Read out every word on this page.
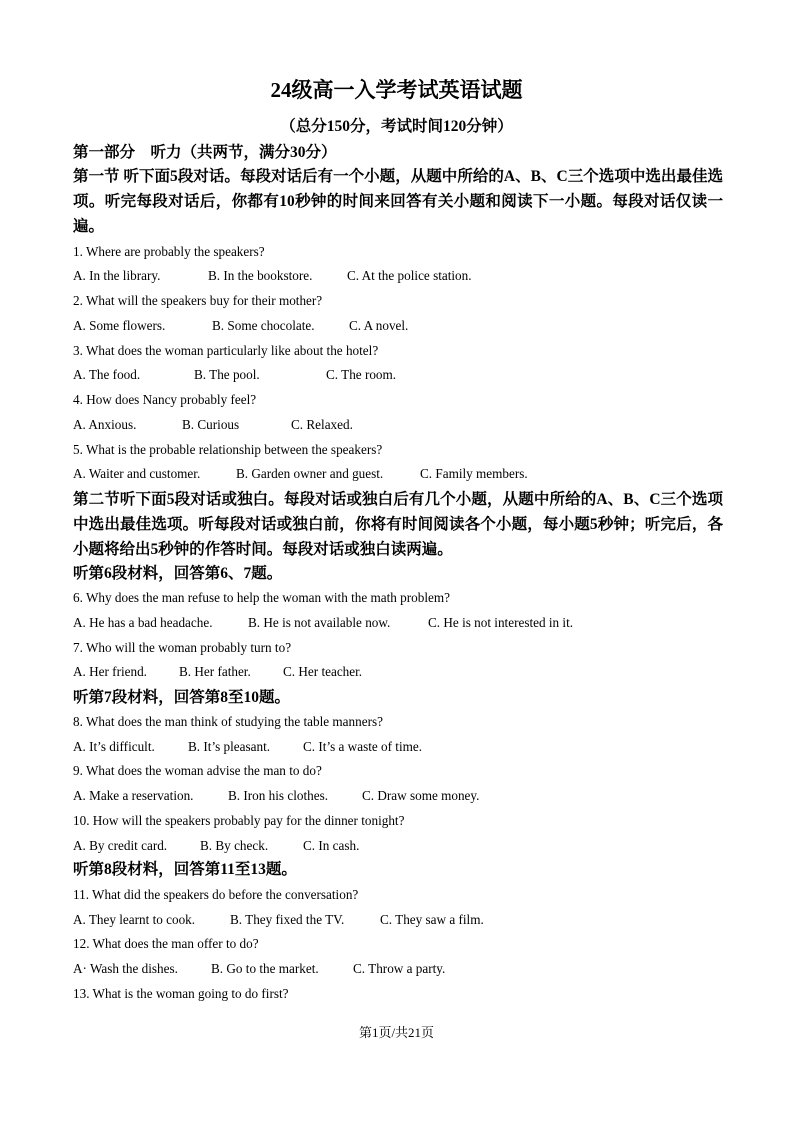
24级高一入学考试英语试题
（总分150分，考试时间120分钟）
第一部分　听力（共两节，满分30分）
第一节 听下面5段对话。每段对话后有一个小题，从题中所给的A、B、C三个选项中选出最佳选项。听完每段对话后，你都有10秒钟的时间来回答有关小题和阅读下一小题。每段对话仅读一遍。
1. Where are probably the speakers?
A. In the library.	B. In the bookstore.	C. At the police station.
2. What will the speakers buy for their mother?
A. Some flowers.	B. Some chocolate.	C. A novel.
3. What does the woman particularly like about the hotel?
A. The food.	B. The pool.	C. The room.
4. How does Nancy probably feel?
A. Anxious.	B. Curious	C. Relaxed.
5. What is the probable relationship between the speakers?
A. Waiter and customer.	B. Garden owner and guest.	C. Family members.
第二节听下面5段对话或独白。每段对话或独白后有几个小题，从题中所给的A、B、C三个选项中选出最佳选项。听每段对话或独白前，你将有时间阅读各个小题，每小题5秒钟；听完后，各小题将给出5秒钟的作答时间。每段对话或独白读两遍。
听第6段材料，回答第6、7题。
6. Why does the man refuse to help the woman with the math problem?
A. He has a bad headache.	B. He is not available now.	C. He is not interested in it.
7. Who will the woman probably turn to?
A. Her friend. B. Her father. C. Her teacher.
听第7段材料，回答第8至10题。
8. What does the man think of studying the table manners?
A. It’s difficult.	B. It’s pleasant. C. It’s a waste of time.
9. What does the woman advise the man to do?
A. Make a reservation.	B. Iron his clothes.	C. Draw some money.
10. How will the speakers probably pay for the dinner tonight?
A. By credit card. B. By check.	C. In cash.
听第8段材料，回答第11至13题。
11. What did the speakers do before the conversation?
A. They learnt to cook.	B. They fixed the TV.	C. They saw a film.
12. What does the man offer to do?
A· Wash the dishes.	B. Go to the market.	C. Throw a party.
13. What is the woman going to do first?
第1页/共21页
